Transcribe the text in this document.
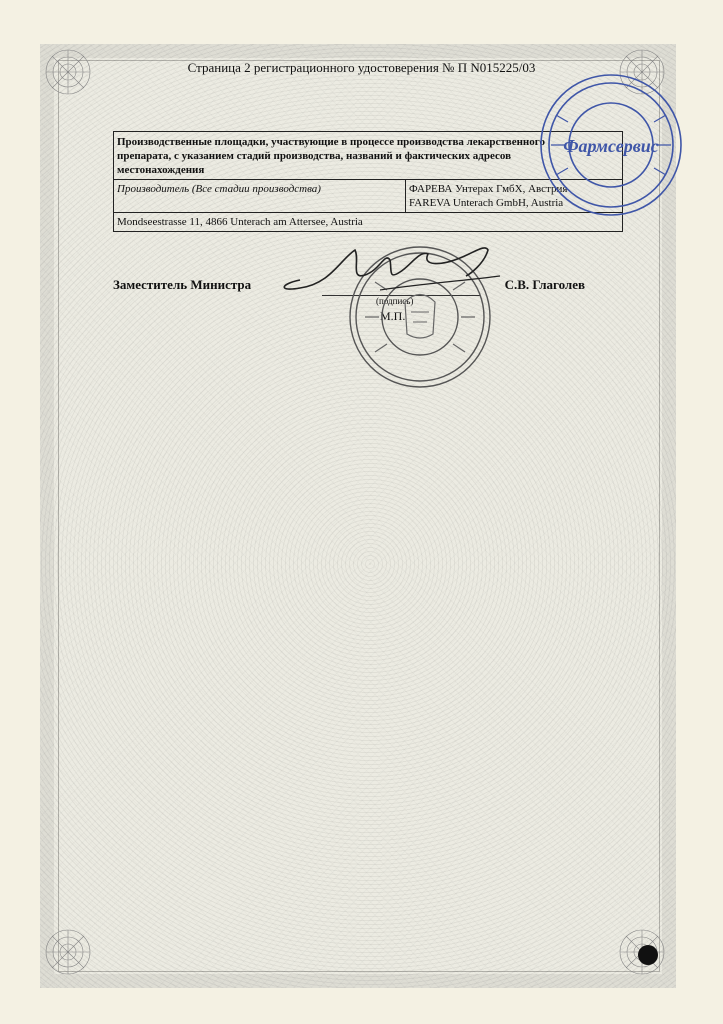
Страница 2 регистрационного удостоверения № П N015225/03
Производственные площадки, участвующие в процессе производства лекарственного препарата, с указанием стадий производства, названий и фактических адресов местонахождения
Производитель (Все стадии производства)	ФАРЕВА Унтерах ГмбХ, Австрия
FAREVA Unterach GmbH, Austria

Mondseestrasse 11, 4866 Unterach am Attersee, Austria
Заместитель Министра	С.В. Глаголев
(подпись)
М.П.
Фармсервис
